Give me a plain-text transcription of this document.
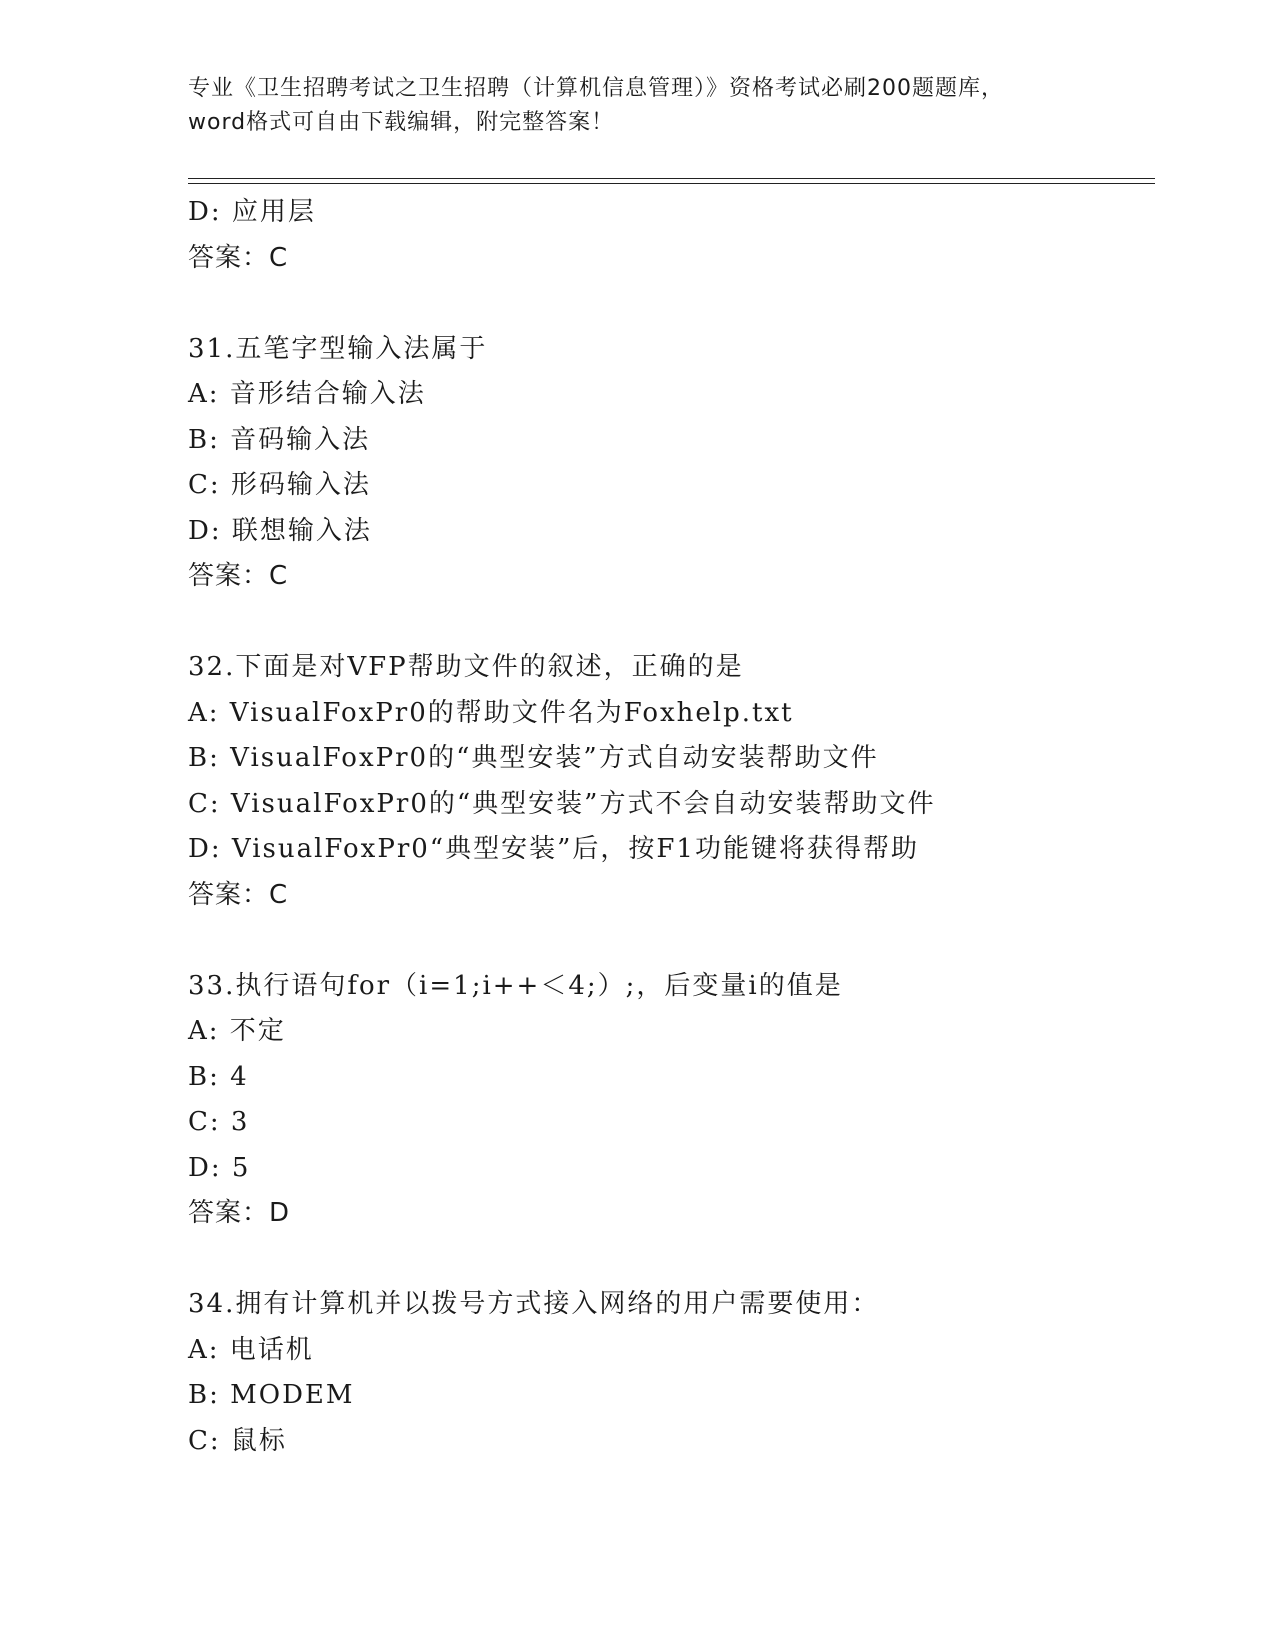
专业《卫生招聘考试之卫生招聘（计算机信息管理）》资格考试必刷200题题库，
word格式可自由下载编辑，附完整答案！
D: 应用层
答案：C
31.五笔字型输入法属于
A: 音形结合输入法
B: 音码输入法
C: 形码输入法
D: 联想输入法
答案：C
32.下面是对VFP帮助文件的叙述，正确的是
A: VisualFoxPr0的帮助文件名为Foxhelp.txt
B: VisualFoxPr0的“典型安装”方式自动安装帮助文件
C: VisualFoxPr0的“典型安装”方式不会自动安装帮助文件
D: VisualFoxPr0“典型安装”后，按F1功能键将获得帮助
答案：C
33.执行语句for（i=1;i++＜4;）;，后变量i的值是
A: 不定
B: 4
C: 3
D: 5
答案：D
34.拥有计算机并以拨号方式接入网络的用户需要使用：
A: 电话机
B: MODEM
C: 鼠标
